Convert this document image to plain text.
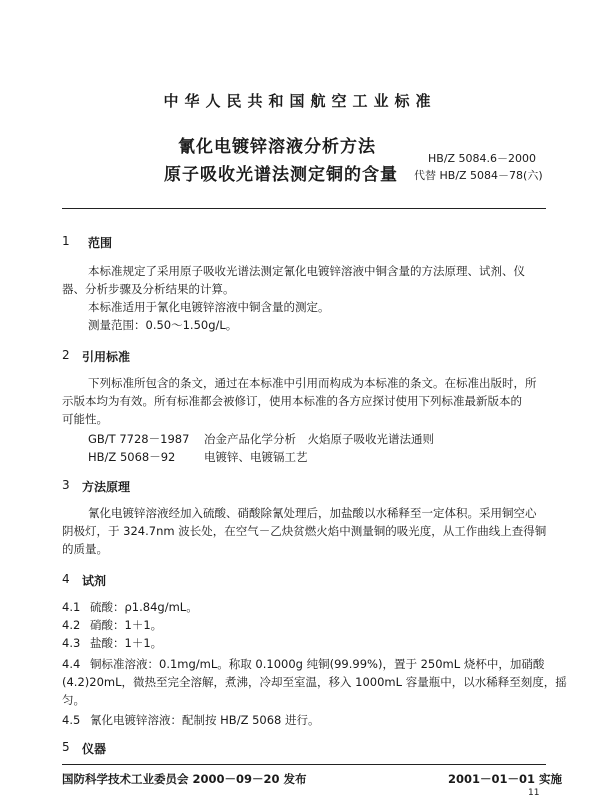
中华人民共和国航空工业标准
氰化电镀锌溶液分析方法
原子吸收光谱法测定铜的含量
HB/Z 5084.6－2000
代替 HB/Z 5084－78(六)
1 范围
本标准规定了采用原子吸收光谱法测定氰化电镀锌溶液中铜含量的方法原理、试剂、仪
器、分析步骤及分析结果的计算。
本标准适用于氰化电镀锌溶液中铜含量的测定。
测量范围：0.50～1.50g/L。
2 引用标准
下列标准所包含的条文，通过在本标准中引用而构成为本标准的条文。在标准出版时，所
示版本均为有效。所有标准都会被修订，使用本标准的各方应探讨使用下列标准最新版本的
可能性。
GB/T 7728－1987 冶金产品化学分析　火焰原子吸收光谱法通则
HB/Z 5068－92 电镀锌、电镀镉工艺
3 方法原理
氰化电镀锌溶液经加入硫酸、硝酸除氰处理后，加盐酸以水稀释至一定体积。采用铜空心
阴极灯，于 324.7nm 波长处，在空气－乙炔贫燃火焰中测量铜的吸光度，从工作曲线上查得铜
的质量。
4 试剂
4.1 硫酸：ρ1.84g/mL。
4.2 硝酸：1＋1。
4.3 盐酸：1＋1。
4.4 铜标准溶液：0.1mg/mL。称取 0.1000g 纯铜(99.99%)，置于 250mL 烧杯中，加硝酸
(4.2)20mL，微热至完全溶解，煮沸，冷却至室温，移入 1000mL 容量瓶中，以水稀释至刻度，摇
匀。
4.5 氰化电镀锌溶液：配制按 HB/Z 5068 进行。
5 仪器
国防科学技术工业委员会 2000－09－20 发布	2001－01－01 实施
11
